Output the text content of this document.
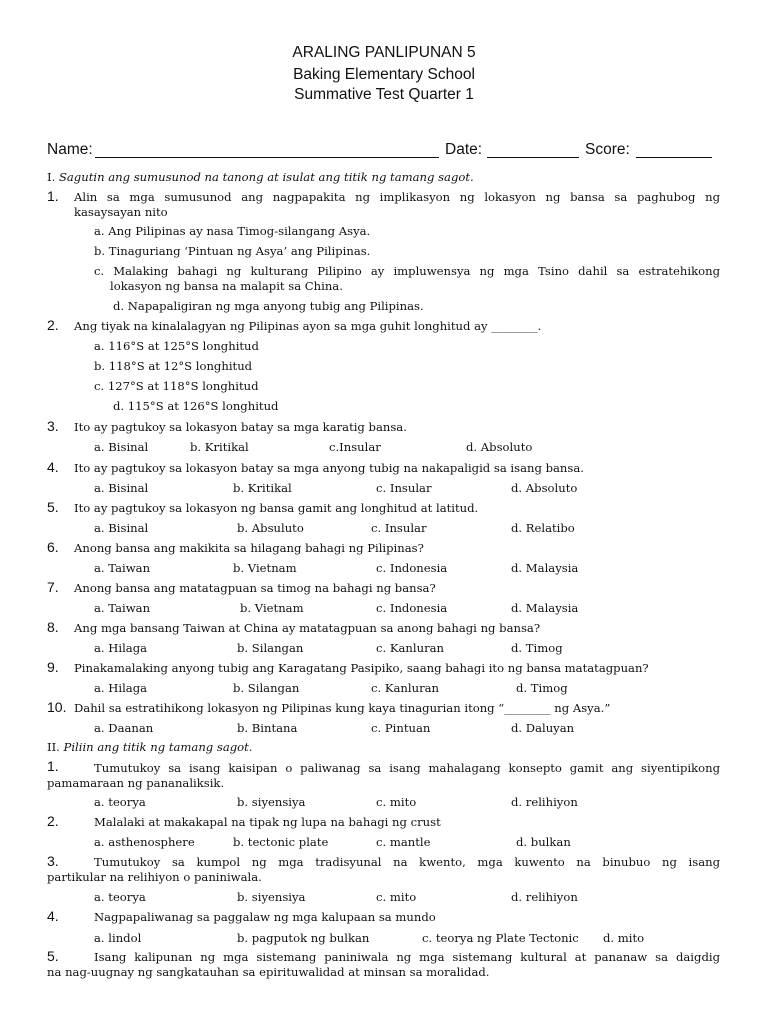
ARALING PANLIPUNAN 5
Baking Elementary School
Summative Test Quarter 1
Name:	Date:	Score:
I. Sagutin ang sumusunod na tanong at isulat ang titik ng tamang sagot.
1. Alin sa mga sumusunod ang nagpapakita ng implikasyon ng lokasyon ng bansa sa paghubog ng
kasaysayan nito
a. Ang Pilipinas ay nasa Timog-silangang Asya.
b. Tinaguriang ‘Pintuan ng Asya’ ang Pilipinas.
c. Malaking bahagi ng kulturang Pilipino ay impluwensya ng mga Tsino dahil sa estratehikong
lokasyon ng bansa na malapit sa China.
d. Napapaligiran ng mga anyong tubig ang Pilipinas.
2. Ang tiyak na kinalalagyan ng Pilipinas ayon sa mga guhit longhitud ay ________.
a. 116°S at 125°S longhitud
b. 118°S at 12°S longhitud
c. 127°S at 118°S longhitud
d. 115°S at 126°S longhitud
3. Ito ay pagtukoy sa lokasyon batay sa mga karatig bansa.
a. Bisinal	b. Kritikal	c.Insular	d. Absoluto
4. Ito ay pagtukoy sa lokasyon batay sa mga anyong tubig na nakapaligid sa isang bansa.
a. Bisinal	b. Kritikal	c. Insular	d. Absoluto
5. Ito ay pagtukoy sa lokasyon ng bansa gamit ang longhitud at latitud.
a. Bisinal	b. Absuluto	c. Insular	d. Relatibo
6. Anong bansa ang makikita sa hilagang bahagi ng Pilipinas?
a. Taiwan	b. Vietnam	c. Indonesia	d. Malaysia
7. Anong bansa ang matatagpuan sa timog na bahagi ng bansa?
a. Taiwan	b. Vietnam	c. Indonesia	d. Malaysia
8. Ang mga bansang Taiwan at China ay matatagpuan sa anong bahagi ng bansa?
a. Hilaga	b. Silangan	c. Kanluran	d. Timog
9. Pinakamalaking anyong tubig ang Karagatang Pasipiko, saang bahagi ito ng bansa matatagpuan?
a. Hilaga	b. Silangan	c. Kanluran	d. Timog
10. Dahil sa estratihikong lokasyon ng Pilipinas kung kaya tinagurian itong “________ ng Asya.”
a. Daanan	b. Bintana	c. Pintuan	d. Daluyan
II. Piliin ang titik ng tamang sagot.
1.	Tumutukoy sa isang kaisipan o paliwanag sa isang mahalagang konsepto gamit ang siyentipikong
pamamaraan ng pananaliksik.
a. teorya	b. siyensiya	c. mito	d. relihiyon
2.	Malalaki at makakapal na tipak ng lupa na bahagi ng crust
a. asthenosphere	b. tectonic plate	c. mantle	d. bulkan
3.	Tumutukoy sa kumpol ng mga tradisyunal na kwento, mga kuwento na binubuo ng isang
partikular na relihiyon o paniniwala.
a. teorya	b. siyensiya	c. mito	d. relihiyon
4.	Nagpapaliwanag sa paggalaw ng mga kalupaan sa mundo
a. lindol	b. pagputok ng bulkan	c. teorya ng Plate Tectonic d. mito
5.	Isang kalipunan ng mga sistemang paniniwala ng mga sistemang kultural at pananaw sa daigdig
na nag-uugnay ng sangkatauhan sa epirituwalidad at minsan sa moralidad.
